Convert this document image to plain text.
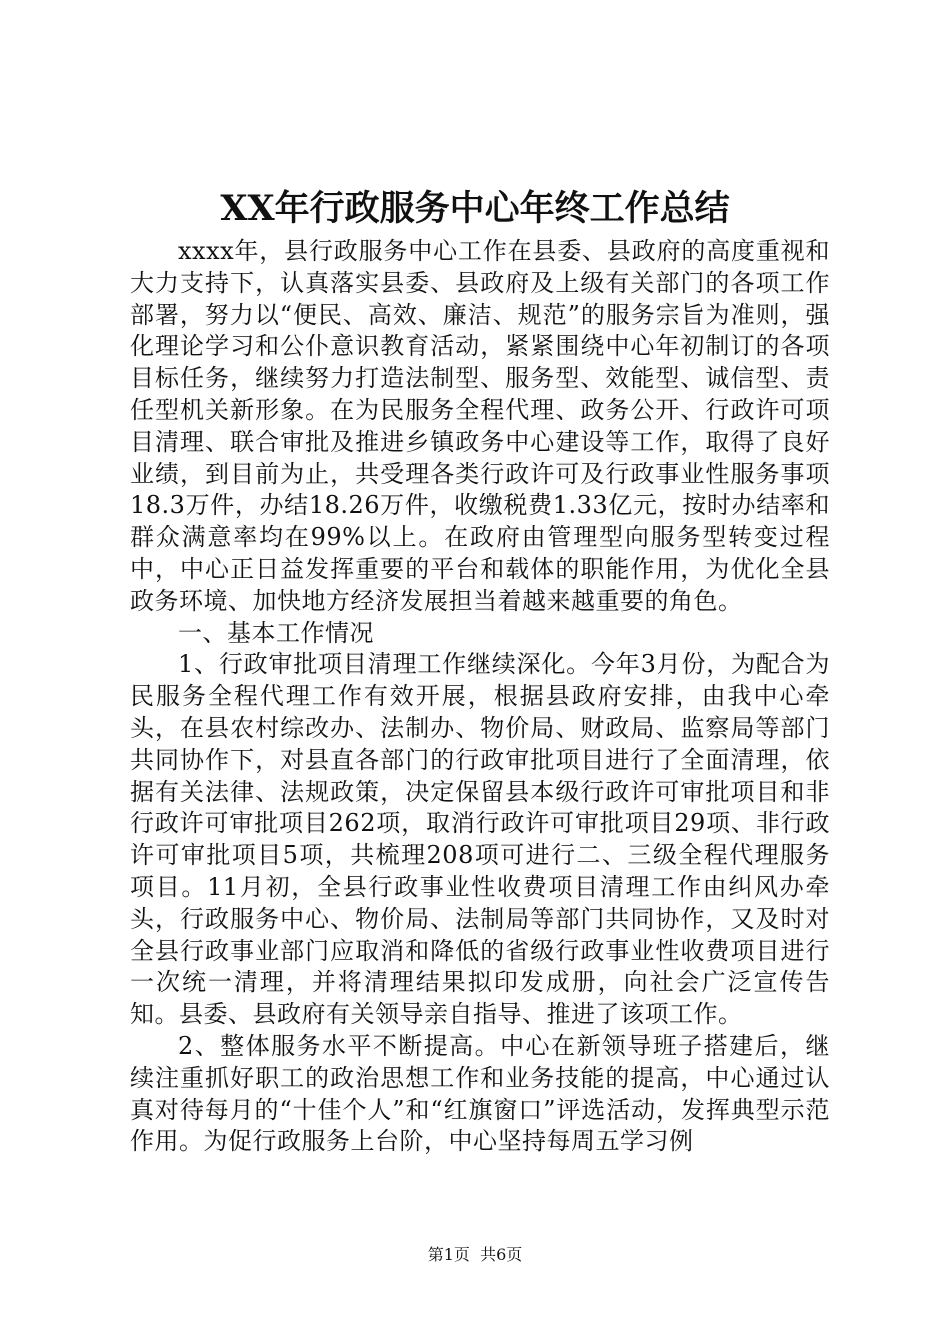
XX年行政服务中心年终工作总结

xxxx年，县行政服务中心工作在县委、县政府的高度重视和大力支持下，认真落实县委、县政府及上级有关部门的各项工作部署，努力以“便民、高效、廉洁、规范”的服务宗旨为准则，强化理论学习和公仆意识教育活动，紧紧围绕中心年初制订的各项目标任务，继续努力打造法制型、服务型、效能型、诚信型、责任型机关新形象。在为民服务全程代理、政务公开、行政许可项目清理、联合审批及推进乡镇政务中心建设等工作，取得了良好业绩，到目前为止，共受理各类行政许可及行政事业性服务事项18.3万件，办结18.26万件，收缴税费1.33亿元，按时办结率和群众满意率均在99%以上。在政府由管理型向服务型转变过程中，中心正日益发挥重要的平台和载体的职能作用，为优化全县政务环境、加快地方经济发展担当着越来越重要的角色。

一、基本工作情况

1、行政审批项目清理工作继续深化。今年3月份，为配合为民服务全程代理工作有效开展，根据县政府安排，由我中心牵头，在县农村综改办、法制办、物价局、财政局、监察局等部门共同协作下，对县直各部门的行政审批项目进行了全面清理，依据有关法律、法规政策，决定保留县本级行政许可审批项目和非行政许可审批项目262项，取消行政许可审批项目29项、非行政许可审批项目5项，共梳理208项可进行二、三级全程代理服务项目。11月初，全县行政事业性收费项目清理工作由纠风办牵头，行政服务中心、物价局、法制局等部门共同协作，又及时对全县行政事业部门应取消和降低的省级行政事业性收费项目进行一次统一清理，并将清理结果拟印发成册，向社会广泛宣传告知。县委、县政府有关领导亲自指导、推进了该项工作。

2、整体服务水平不断提高。中心在新领导班子搭建后，继续注重抓好职工的政治思想工作和业务技能的提高，中心通过认真对待每月的“十佳个人”和“红旗窗口”评选活动，发挥典型示范作用。为促行政服务上台阶，中心坚持每周五学习例

第1页 共6页
